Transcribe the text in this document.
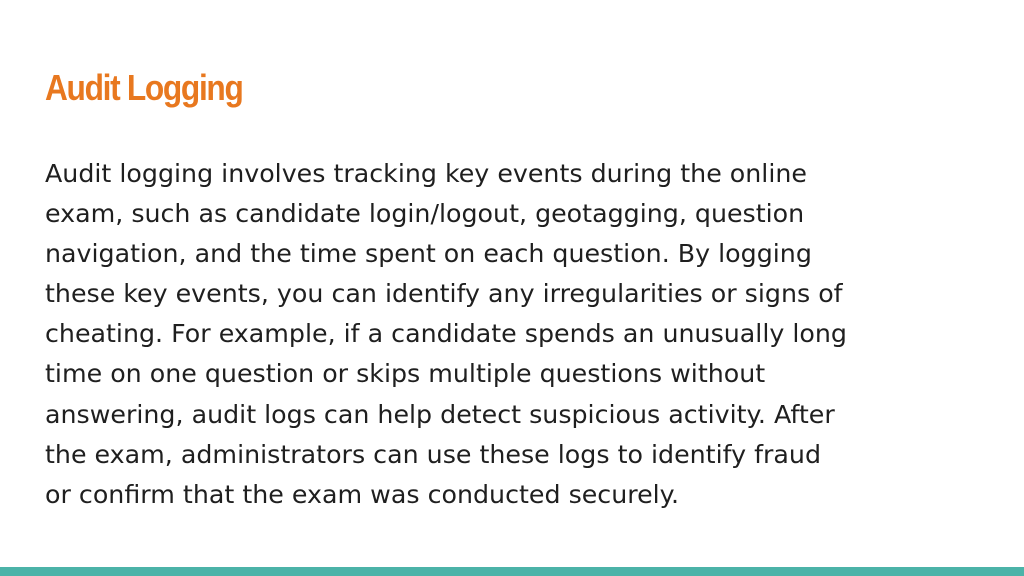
Audit Logging

Audit logging involves tracking key events during the online
exam, such as candidate login/logout, geotagging, question
navigation, and the time spent on each question. By logging
these key events, you can identify any irregularities or signs of
cheating. For example, if a candidate spends an unusually long
time on one question or skips multiple questions without
answering, audit logs can help detect suspicious activity. After
the exam, administrators can use these logs to identify fraud
or confirm that the exam was conducted securely.
